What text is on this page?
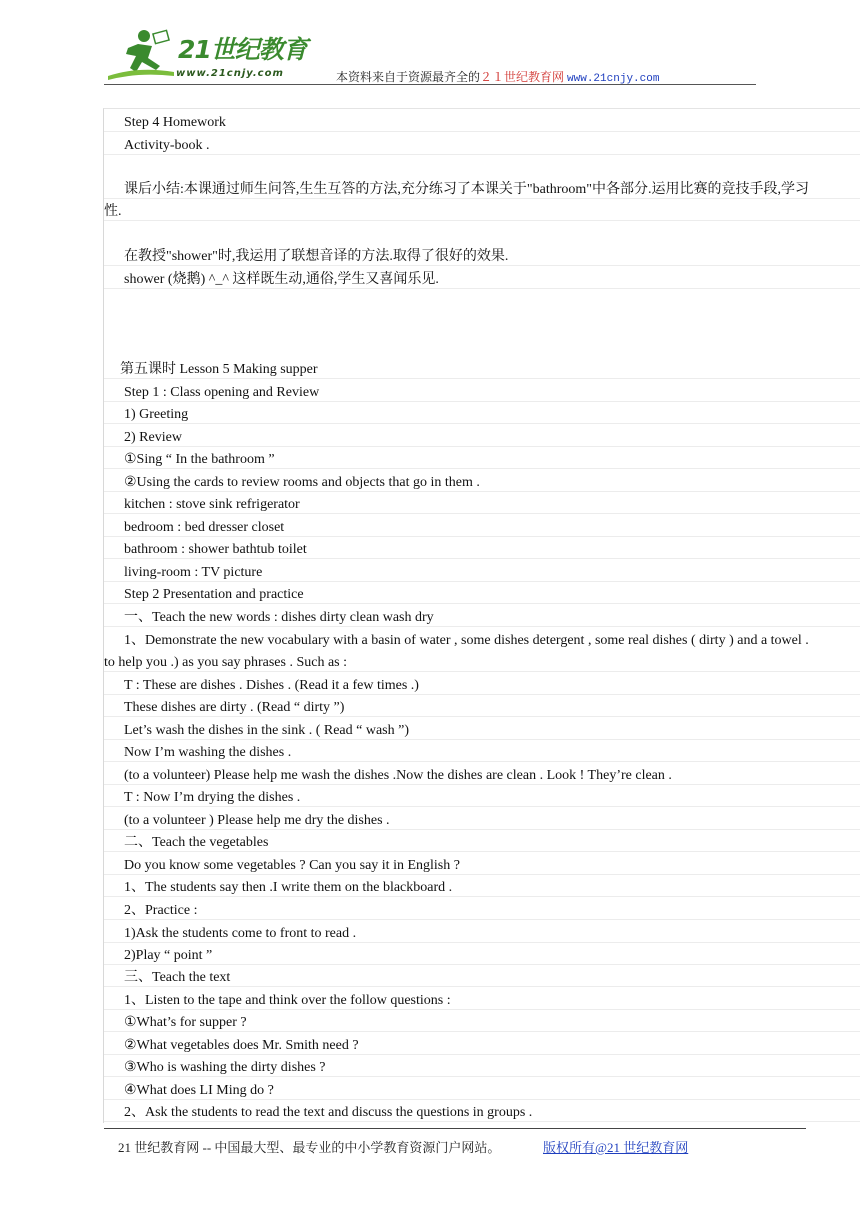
21世纪教育
www.21cnjy.com	本资料来自于资源最齐全的２１世纪教育网 www.21cnjy.com
Step 4 Homework
Activity-book .
课后小结:本课通过师生问答,生生互答的方法,充分练习了本课关于"bathroom"中各部分.运用比赛的竞技手段,学习
性.
在教授"shower"时,我运用了联想音译的方法.取得了很好的效果.
shower (烧鹅) ^_^ 这样既生动,通俗,学生又喜闻乐见.
第五课时 Lesson 5 Making supper
Step 1 : Class opening and Review
1) Greeting
2) Review
①Sing “ In the bathroom ”
②Using the cards to review rooms and objects that go in them .
kitchen : stove sink refrigerator
bedroom : bed dresser closet
bathroom : shower bathtub toilet
living-room : TV picture
Step 2 Presentation and practice
一、Teach the new words : dishes dirty clean wash dry
1、Demonstrate the new vocabulary with a basin of water , some dishes detergent , some real dishes ( dirty ) and a towel .
to help you .) as you say phrases . Such as :
T : These are dishes . Dishes . (Read it a few times .)
These dishes are dirty . (Read “ dirty ”)
Let’s wash the dishes in the sink . ( Read “ wash ”)
Now I’m washing the dishes .
(to a volunteer) Please help me wash the dishes .Now the dishes are clean . Look ! They’re clean .
T : Now I’m drying the dishes .
(to a volunteer ) Please help me dry the dishes .
二、Teach the vegetables
Do you know some vegetables ? Can you say it in English ?
1、The students say then .I write them on the blackboard .
2、Practice :
1)Ask the students come to front to read .
2)Play “ point ”
三、Teach the text
1、Listen to the tape and think over the follow questions :
①What’s for supper ?
②What vegetables does Mr. Smith need ?
③Who is washing the dirty dishes ?
④What does LI Ming do ?
2、Ask the students to read the text and discuss the questions in groups .
21 世纪教育网 -- 中国最大型、最专业的中小学教育资源门户网站。	版权所有@21 世纪教育网
